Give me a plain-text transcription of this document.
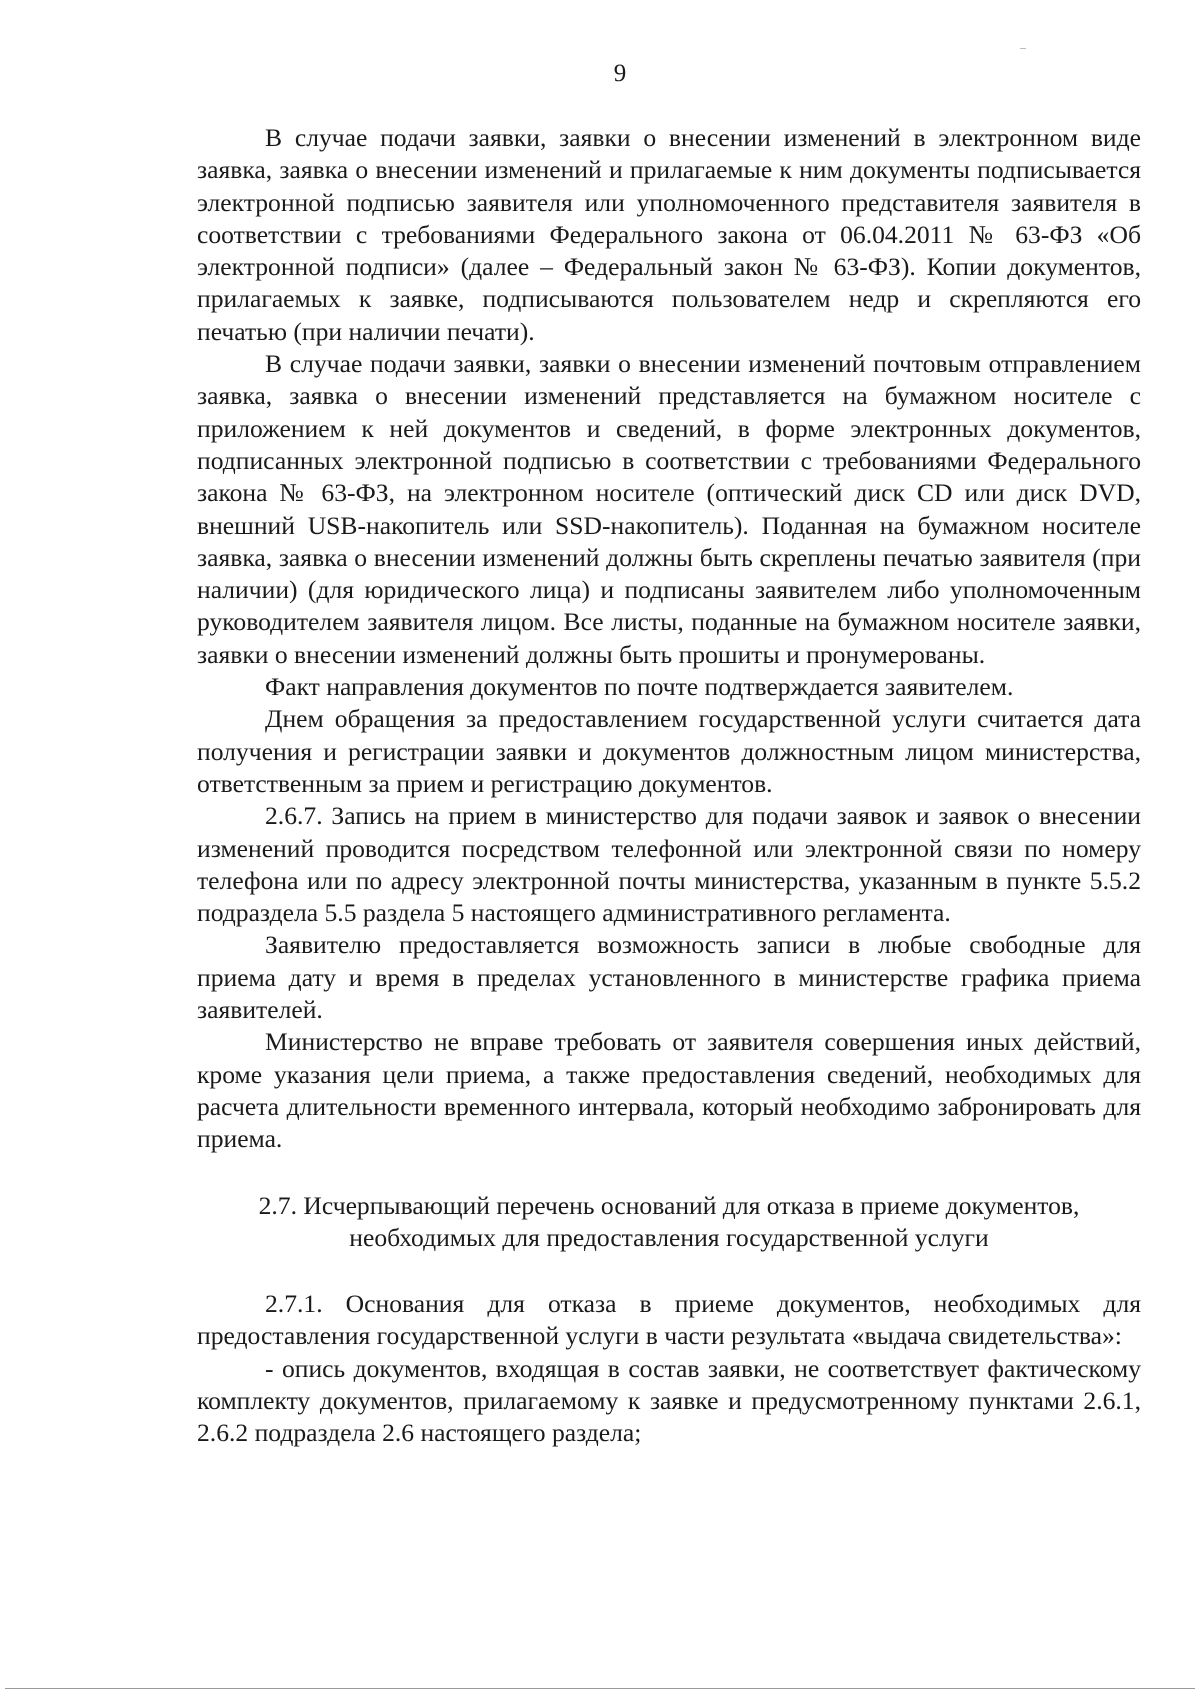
9

В случае подачи заявки, заявки о внесении изменений в электронном виде заявка, заявка о внесении изменений и прилагаемые к ним документы подписывается электронной подписью заявителя или уполномоченного представителя заявителя в соответствии с требованиями Федерального закона от 06.04.2011 № 63-ФЗ «Об электронной подписи» (далее – Федеральный закон № 63-ФЗ). Копии документов, прилагаемых к заявке, подписываются пользователем недр и скрепляются его печатью (при наличии печати).

В случае подачи заявки, заявки о внесении изменений почтовым отправлением заявка, заявка о внесении изменений представляется на бумажном носителе с приложением к ней документов и сведений, в форме электронных документов, подписанных электронной подписью в соответствии с требованиями Федерального закона № 63-ФЗ, на электронном носителе (оптический диск CD или диск DVD, внешний USB-накопитель или SSD-накопитель). Поданная на бумажном носителе заявка, заявка о внесении изменений должны быть скреплены печатью заявителя (при наличии) (для юридического лица) и подписаны заявителем либо уполномоченным руководителем заявителя лицом. Все листы, поданные на бумажном носителе заявки, заявки о внесении изменений должны быть прошиты и пронумерованы.

Факт направления документов по почте подтверждается заявителем.

Днем обращения за предоставлением государственной услуги считается дата получения и регистрации заявки и документов должностным лицом министерства, ответственным за прием и регистрацию документов.

2.6.7. Запись на прием в министерство для подачи заявок и заявок о внесении изменений проводится посредством телефонной или электронной связи по номеру телефона или по адресу электронной почты министерства, указанным в пункте 5.5.2 подраздела 5.5 раздела 5 настоящего административного регламента.

Заявителю предоставляется возможность записи в любые свободные для приема дату и время в пределах установленного в министерстве графика приема заявителей.

Министерство не вправе требовать от заявителя совершения иных действий, кроме указания цели приема, а также предоставления сведений, необходимых для расчета длительности временного интервала, который необходимо забронировать для приема.

2.7. Исчерпывающий перечень оснований для отказа в приеме документов,
необходимых для предоставления государственной услуги

2.7.1. Основания для отказа в приеме документов, необходимых для предоставления государственной услуги в части результата «выдача свидетельства»:

- опись документов, входящая в состав заявки, не соответствует фактическому комплекту документов, прилагаемому к заявке и предусмотренному пунктами 2.6.1, 2.6.2 подраздела 2.6 настоящего раздела;
